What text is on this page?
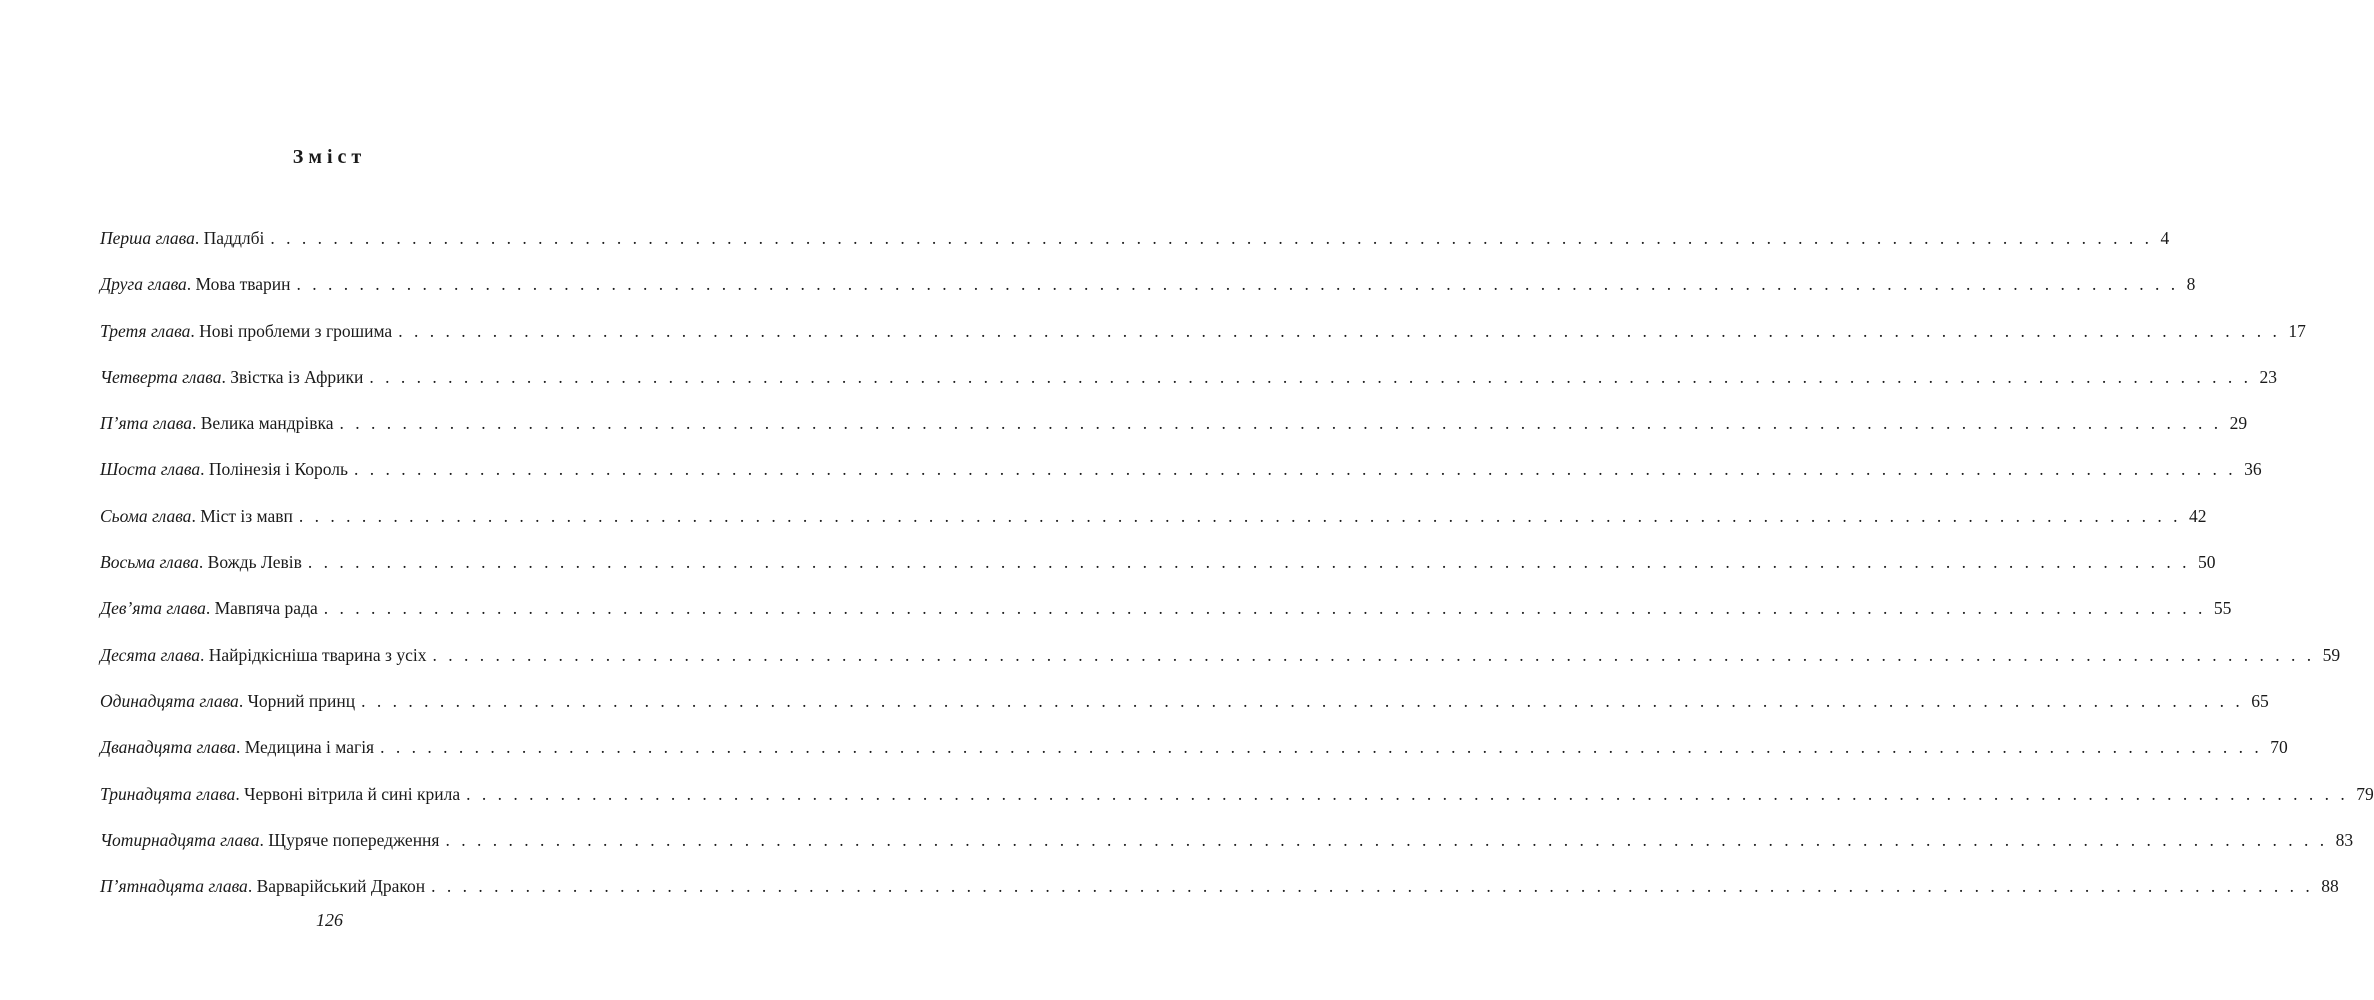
Зміст
Перша глава . Паддлбі . . . . . . . . . . . . . . . . . . . . . . . . . . . . . . . . . . . . . . . . . . . . . . . . . . . . . . . . . . . . . . . . . . . . . . . . . . . . . . . . . . . . . . . . . . . . . . . . . . . . . . . . . . . . . . . . . . . . . . . . 4
Друга глава . Мова тварин . . . . . . . . . . . . . . . . . . . . . . . . . . . . . . . . . . . . . . . . . . . . . . . . . . . . . . . . . . . . . . . . . . . . . . . . . . . . . . . . . . . . . . . . . . . . . . . . . . . . . . . . . . . . . . . . . . . . . . . . 8
Третя глава . Нові проблеми з грошима . . . . . . . . . . . . . . . . . . . . . . . . . . . . . . . . . . . . . . . . . . . . . . . . . . . . . . . . . . . . . . . . . . . . . . . . . . . . . . . . . . . . . . . . . . . . . . . . . . . . . . . . . . . . . . . . . . . . . . . . 17
Четверта глава . Звістка із Африки . . . . . . . . . . . . . . . . . . . . . . . . . . . . . . . . . . . . . . . . . . . . . . . . . . . . . . . . . . . . . . . . . . . . . . . . . . . . . . . . . . . . . . . . . . . . . . . . . . . . . . . . . . . . . . . . . . . . . . . . 23
П’ята глава . Велика мандрівка . . . . . . . . . . . . . . . . . . . . . . . . . . . . . . . . . . . . . . . . . . . . . . . . . . . . . . . . . . . . . . . . . . . . . . . . . . . . . . . . . . . . . . . . . . . . . . . . . . . . . . . . . . . . . . . . . . . . . . . . 29
Шоста глава . Полінезія і Король . . . . . . . . . . . . . . . . . . . . . . . . . . . . . . . . . . . . . . . . . . . . . . . . . . . . . . . . . . . . . . . . . . . . . . . . . . . . . . . . . . . . . . . . . . . . . . . . . . . . . . . . . . . . . . . . . . . . . . . . 36
Сьома глава . Міст із мавп . . . . . . . . . . . . . . . . . . . . . . . . . . . . . . . . . . . . . . . . . . . . . . . . . . . . . . . . . . . . . . . . . . . . . . . . . . . . . . . . . . . . . . . . . . . . . . . . . . . . . . . . . . . . . . . . . . . . . . . . 42
Восьма глава . Вождь Левів . . . . . . . . . . . . . . . . . . . . . . . . . . . . . . . . . . . . . . . . . . . . . . . . . . . . . . . . . . . . . . . . . . . . . . . . . . . . . . . . . . . . . . . . . . . . . . . . . . . . . . . . . . . . . . . . . . . . . . . . 50
Дев’ята глава . Мавпяча рада . . . . . . . . . . . . . . . . . . . . . . . . . . . . . . . . . . . . . . . . . . . . . . . . . . . . . . . . . . . . . . . . . . . . . . . . . . . . . . . . . . . . . . . . . . . . . . . . . . . . . . . . . . . . . . . . . . . . . . . . 55
Десята глава . Найрідкісніша тварина з усіх . . . . . . . . . . . . . . . . . . . . . . . . . . . . . . . . . . . . . . . . . . . . . . . . . . . . . . . . . . . . . . . . . . . . . . . . . . . . . . . . . . . . . . . . . . . . . . . . . . . . . . . . . . . . . . . . . . . . . . . . 59
Одинадцята глава . Чорний принц . . . . . . . . . . . . . . . . . . . . . . . . . . . . . . . . . . . . . . . . . . . . . . . . . . . . . . . . . . . . . . . . . . . . . . . . . . . . . . . . . . . . . . . . . . . . . . . . . . . . . . . . . . . . . . . . . . . . . . . . 65
Дванадцята глава . Медицина і магія . . . . . . . . . . . . . . . . . . . . . . . . . . . . . . . . . . . . . . . . . . . . . . . . . . . . . . . . . . . . . . . . . . . . . . . . . . . . . . . . . . . . . . . . . . . . . . . . . . . . . . . . . . . . . . . . . . . . . . . . 70
Тринадцята глава . Червоні вітрила й сині крила . . . . . . . . . . . . . . . . . . . . . . . . . . . . . . . . . . . . . . . . . . . . . . . . . . . . . . . . . . . . . . . . . . . . . . . . . . . . . . . . . . . . . . . . . . . . . . . . . . . . . . . . . . . . . . . . . . . . . . . . 79
Чотирнадцята глава . Щуряче попередження . . . . . . . . . . . . . . . . . . . . . . . . . . . . . . . . . . . . . . . . . . . . . . . . . . . . . . . . . . . . . . . . . . . . . . . . . . . . . . . . . . . . . . . . . . . . . . . . . . . . . . . . . . . . . . . . . . . . . . . . 83
П’ятнадцята глава . Варварійський Дракон . . . . . . . . . . . . . . . . . . . . . . . . . . . . . . . . . . . . . . . . . . . . . . . . . . . . . . . . . . . . . . . . . . . . . . . . . . . . . . . . . . . . . . . . . . . . . . . . . . . . . . . . . . . . . . . . . . . . . . . . 88
126
